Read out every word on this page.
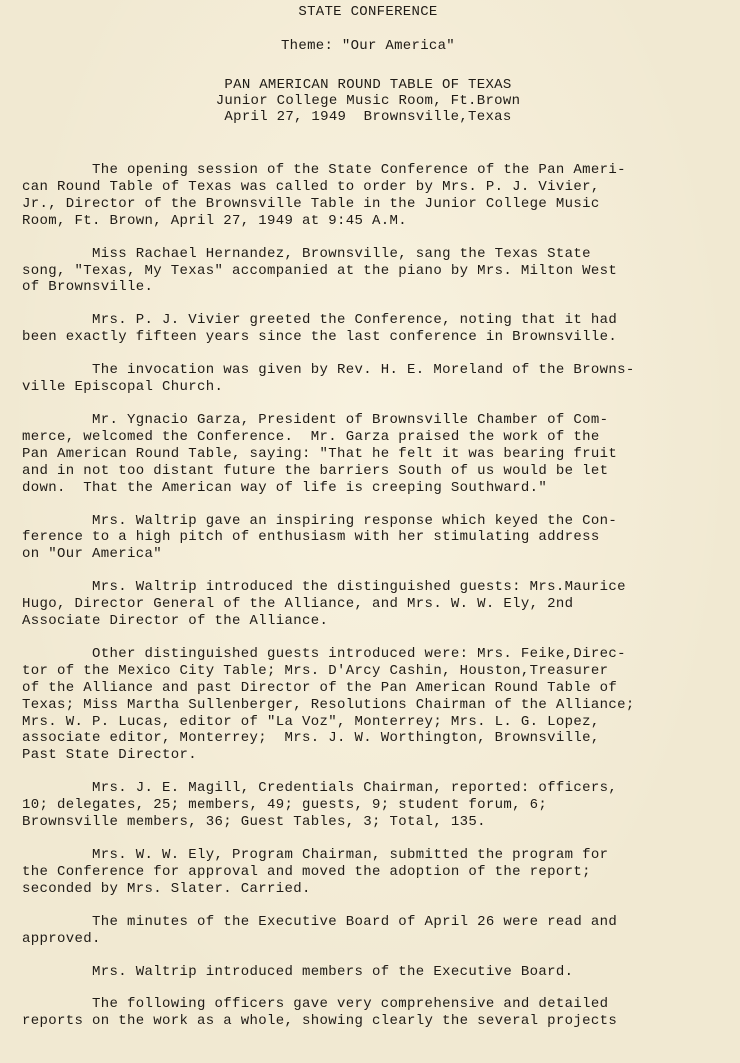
STATE CONFERENCE
Theme: "Our America"
PAN AMERICAN ROUND TABLE OF TEXAS
Junior College Music Room, Ft.Brown
April 27, 1949  Brownsville,Texas
The opening session of the State Conference of the Pan Ameri-
can Round Table of Texas was called to order by Mrs. P. J. Vivier,
Jr., Director of the Brownsville Table in the Junior College Music
Room, Ft. Brown, April 27, 1949 at 9:45 A.M.
Miss Rachael Hernandez, Brownsville, sang the Texas State
song, "Texas, My Texas" accompanied at the piano by Mrs. Milton West
of Brownsville.
Mrs. P. J. Vivier greeted the Conference, noting that it had
been exactly fifteen years since the last conference in Brownsville.
The invocation was given by Rev. H. E. Moreland of the Browns-
ville Episcopal Church.
Mr. Ygnacio Garza, President of Brownsville Chamber of Com-
merce, welcomed the Conference.  Mr. Garza praised the work of the
Pan American Round Table, saying: "That he felt it was bearing fruit
and in not too distant future the barriers South of us would be let
down.  That the American way of life is creeping Southward."
Mrs. Waltrip gave an inspiring response which keyed the Con-
ference to a high pitch of enthusiasm with her stimulating address
on "Our America"
Mrs. Waltrip introduced the distinguished guests: Mrs.Maurice
Hugo, Director General of the Alliance, and Mrs. W. W. Ely, 2nd
Associate Director of the Alliance.
Other distinguished guests introduced were: Mrs. Feike,Direc-
tor of the Mexico City Table; Mrs. D'Arcy Cashin, Houston,Treasurer
of the Alliance and past Director of the Pan American Round Table of
Texas; Miss Martha Sullenberger, Resolutions Chairman of the Alliance;
Mrs. W. P. Lucas, editor of "La Voz", Monterrey; Mrs. L. G. Lopez,
associate editor, Monterrey;  Mrs. J. W. Worthington, Brownsville,
Past State Director.
Mrs. J. E. Magill, Credentials Chairman, reported: officers,
10; delegates, 25; members, 49; guests, 9; student forum, 6;
Brownsville members, 36; Guest Tables, 3; Total, 135.
Mrs. W. W. Ely, Program Chairman, submitted the program for
the Conference for approval and moved the adoption of the report;
seconded by Mrs. Slater. Carried.
The minutes of the Executive Board of April 26 were read and
approved.
Mrs. Waltrip introduced members of the Executive Board.
The following officers gave very comprehensive and detailed
reports on the work as a whole, showing clearly the several projects
